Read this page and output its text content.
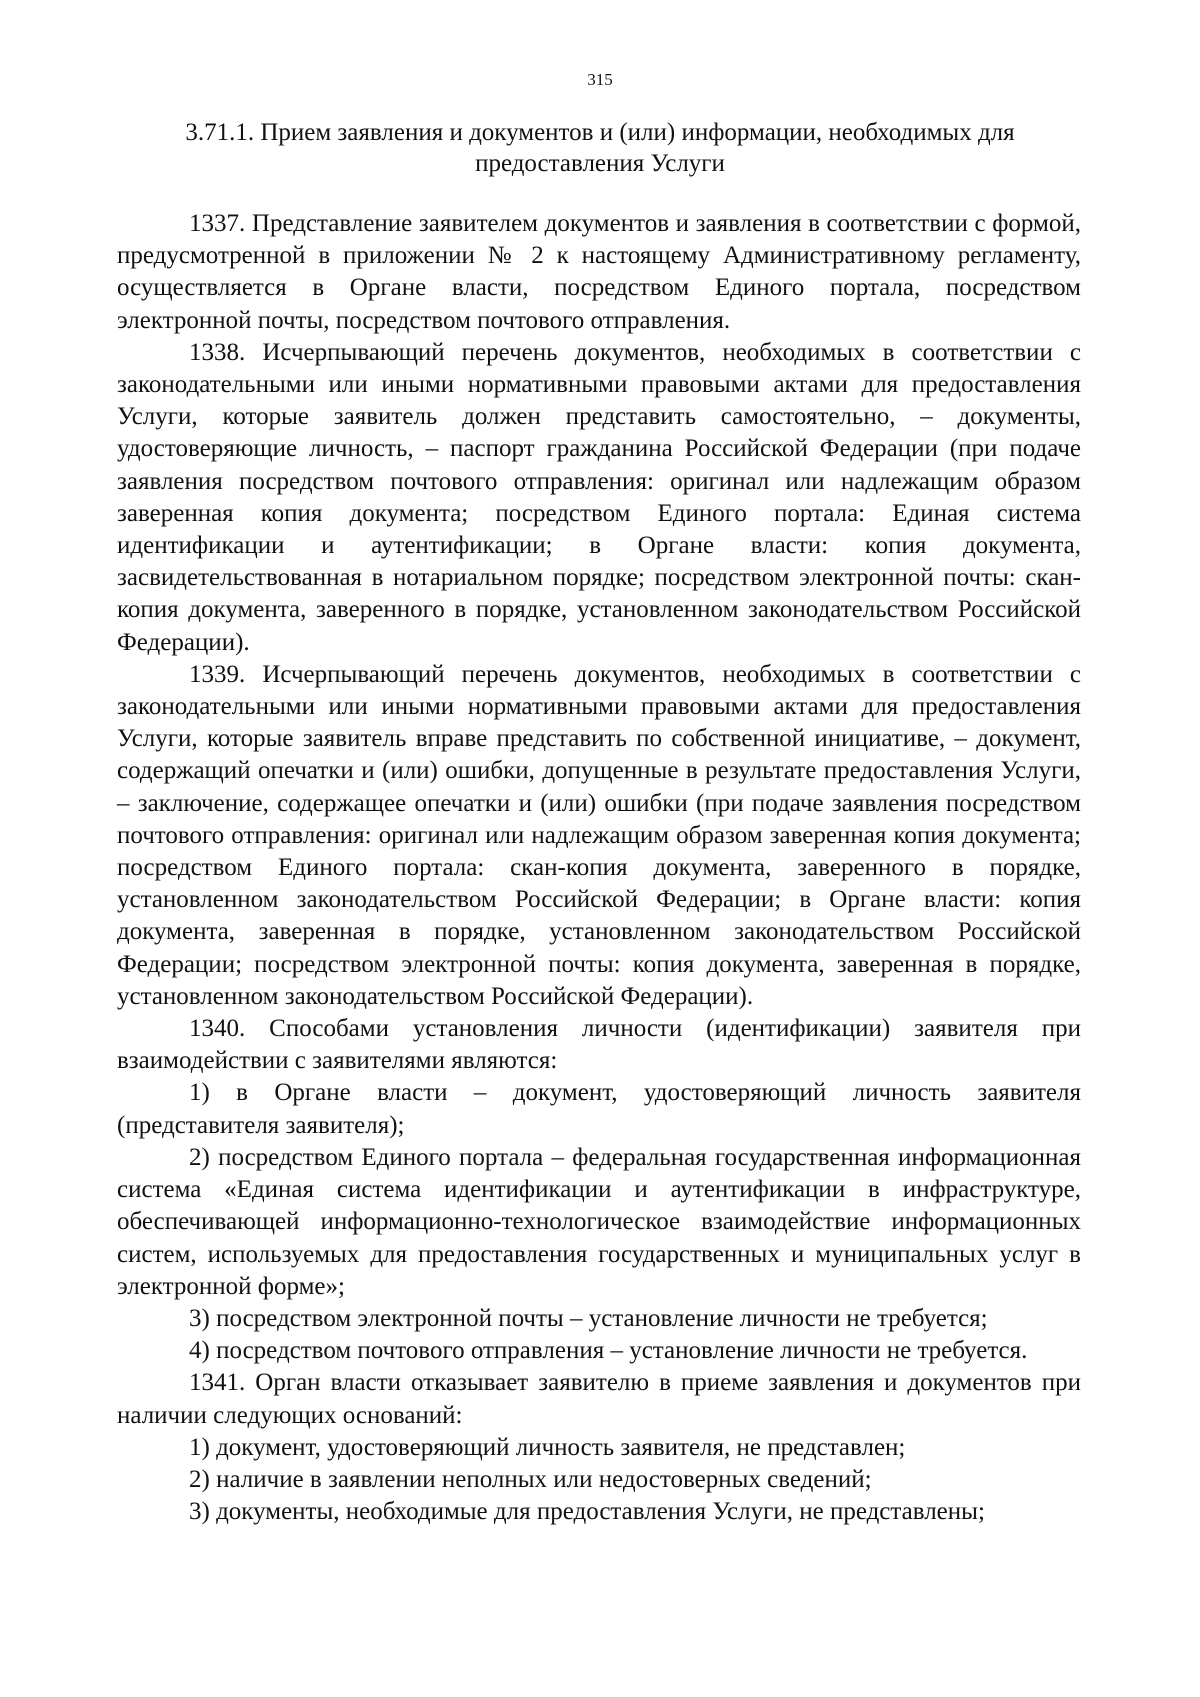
315
3.71.1. Прием заявления и документов и (или) информации, необходимых для предоставления Услуги

1337. Представление заявителем документов и заявления в соответствии с формой, предусмотренной в приложении № 2 к настоящему Административному регламенту, осуществляется в Органе власти, посредством Единого портала, посредством электронной почты, посредством почтового отправления.

1338. Исчерпывающий перечень документов, необходимых в соответствии с законодательными или иными нормативными правовыми актами для предоставления Услуги, которые заявитель должен представить самостоятельно, – документы, удостоверяющие личность, – паспорт гражданина Российской Федерации (при подаче заявления посредством почтового отправления: оригинал или надлежащим образом заверенная копия документа; посредством Единого портала: Единая система идентификации и аутентификации; в Органе власти: копия документа, засвидетельствованная в нотариальном порядке; посредством электронной почты: скан-копия документа, заверенного в порядке, установленном законодательством Российской Федерации).

1339. Исчерпывающий перечень документов, необходимых в соответствии с законодательными или иными нормативными правовыми актами для предоставления Услуги, которые заявитель вправе представить по собственной инициативе, – документ, содержащий опечатки и (или) ошибки, допущенные в результате предоставления Услуги, – заключение, содержащее опечатки и (или) ошибки (при подаче заявления посредством почтового отправления: оригинал или надлежащим образом заверенная копия документа; посредством Единого портала: скан-копия документа, заверенного в порядке, установленном законодательством Российской Федерации; в Органе власти: копия документа, заверенная в порядке, установленном законодательством Российской Федерации; посредством электронной почты: копия документа, заверенная в порядке, установленном законодательством Российской Федерации).

1340. Способами установления личности (идентификации) заявителя при взаимодействии с заявителями являются:

1) в Органе власти – документ, удостоверяющий личность заявителя (представителя заявителя);

2) посредством Единого портала – федеральная государственная информационная система «Единая система идентификации и аутентификации в инфраструктуре, обеспечивающей информационно-технологическое взаимодействие информационных систем, используемых для предоставления государственных и муниципальных услуг в электронной форме»;

3) посредством электронной почты – установление личности не требуется;

4) посредством почтового отправления – установление личности не требуется.

1341. Орган власти отказывает заявителю в приеме заявления и документов при наличии следующих оснований:

1) документ, удостоверяющий личность заявителя, не представлен;

2) наличие в заявлении неполных или недостоверных сведений;

3) документы, необходимые для предоставления Услуги, не представлены;
